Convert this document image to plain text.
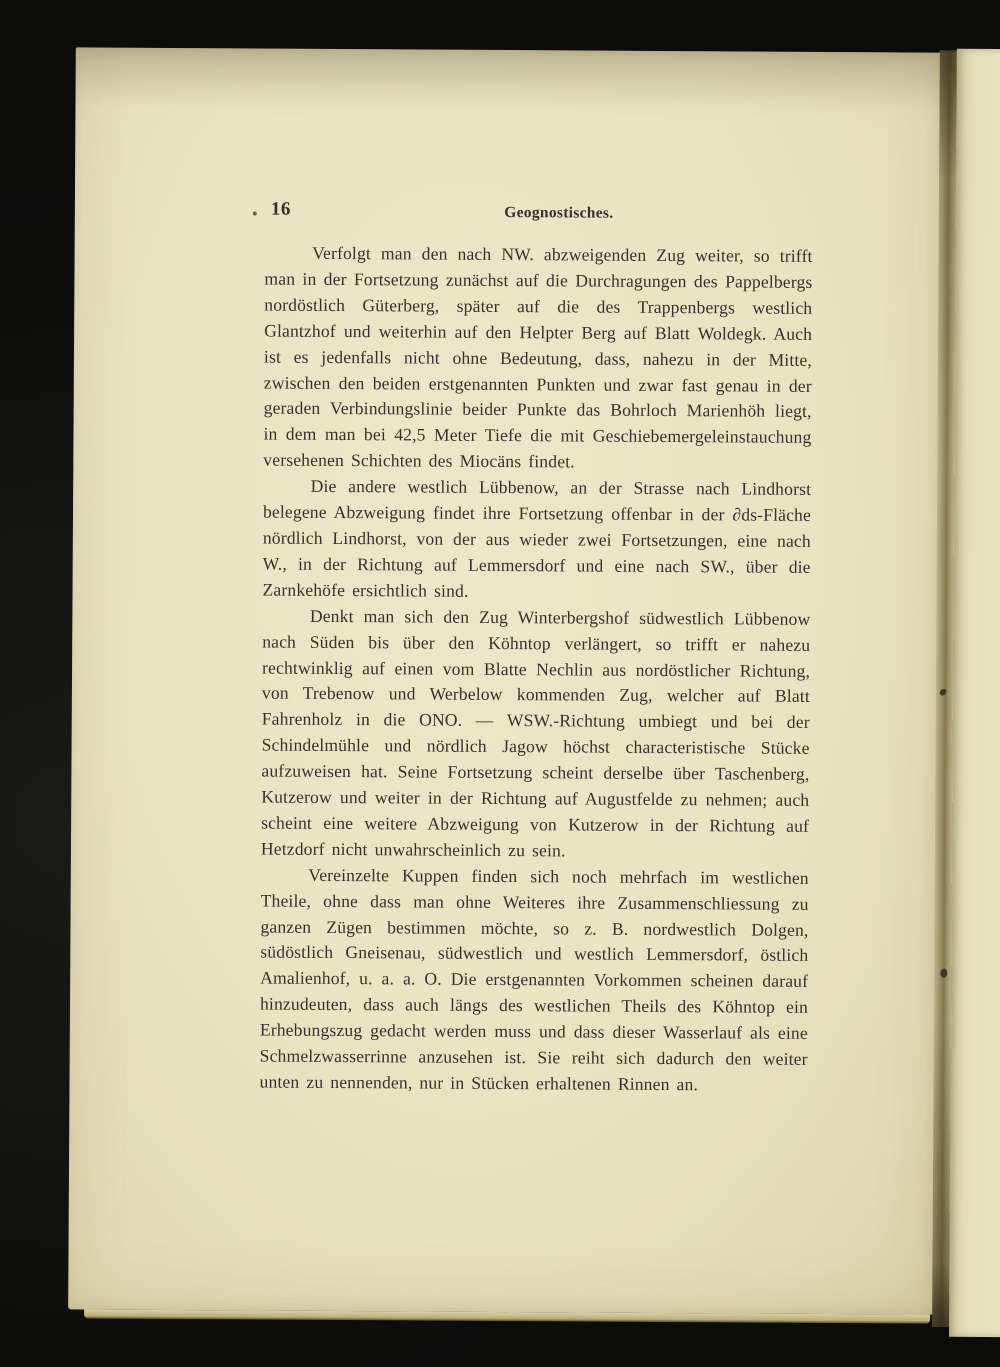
16	Geognostisches.

Verfolgt man den nach NW. abzweigenden Zug weiter, so trifft man in der Fortsetzung zunächst auf die Durchragungen des Pappelbergs nordöstlich Güterberg, später auf die des Trappenbergs westlich Glantzhof und weiterhin auf den Helpter Berg auf Blatt Woldegk. Auch ist es jedenfalls nicht ohne Bedeutung, dass, nahezu in der Mitte, zwischen den beiden erstgenannten Punkten und zwar fast genau in der geraden Verbindungslinie beider Punkte das Bohrloch Marienhöh liegt, in dem man bei 42,5 Meter Tiefe die mit Geschiebemergeleinstauchung versehenen Schichten des Miocäns findet.

Die andere westlich Lübbenow, an der Strasse nach Lindhorst belegene Abzweigung findet ihre Fortsetzung offenbar in der ∂ds-Fläche nördlich Lindhorst, von der aus wieder zwei Fortsetzungen, eine nach W., in der Richtung auf Lemmersdorf und eine nach SW., über die Zarnkehöfe ersichtlich sind.

Denkt man sich den Zug Winterbergshof südwestlich Lübbenow nach Süden bis über den Köhntop verlängert, so trifft er nahezu rechtwinklig auf einen vom Blatte Nechlin aus nordöstlicher Richtung, von Trebenow und Werbelow kommenden Zug, welcher auf Blatt Fahrenholz in die ONO. — WSW.-Richtung umbiegt und bei der Schindelmühle und nördlich Jagow höchst characteristische Stücke aufzuweisen hat. Seine Fortsetzung scheint derselbe über Taschenberg, Kutzerow und weiter in der Richtung auf Augustfelde zu nehmen; auch scheint eine weitere Abzweigung von Kutzerow in der Richtung auf Hetzdorf nicht unwahrscheinlich zu sein.

Vereinzelte Kuppen finden sich noch mehrfach im westlichen Theile, ohne dass man ohne Weiteres ihre Zusammenschliessung zu ganzen Zügen bestimmen möchte, so z. B. nordwestlich Dolgen, südöstlich Gneisenau, südwestlich und westlich Lemmersdorf, östlich Amalienhof, u. a. a. O. Die erstgenannten Vorkommen scheinen darauf hinzudeuten, dass auch längs des westlichen Theils des Köhntop ein Erhebungszug gedacht werden muss und dass dieser Wasserlauf als eine Schmelzwasserrinne anzusehen ist. Sie reiht sich dadurch den weiter unten zu nennenden, nur in Stücken erhaltenen Rinnen an.
